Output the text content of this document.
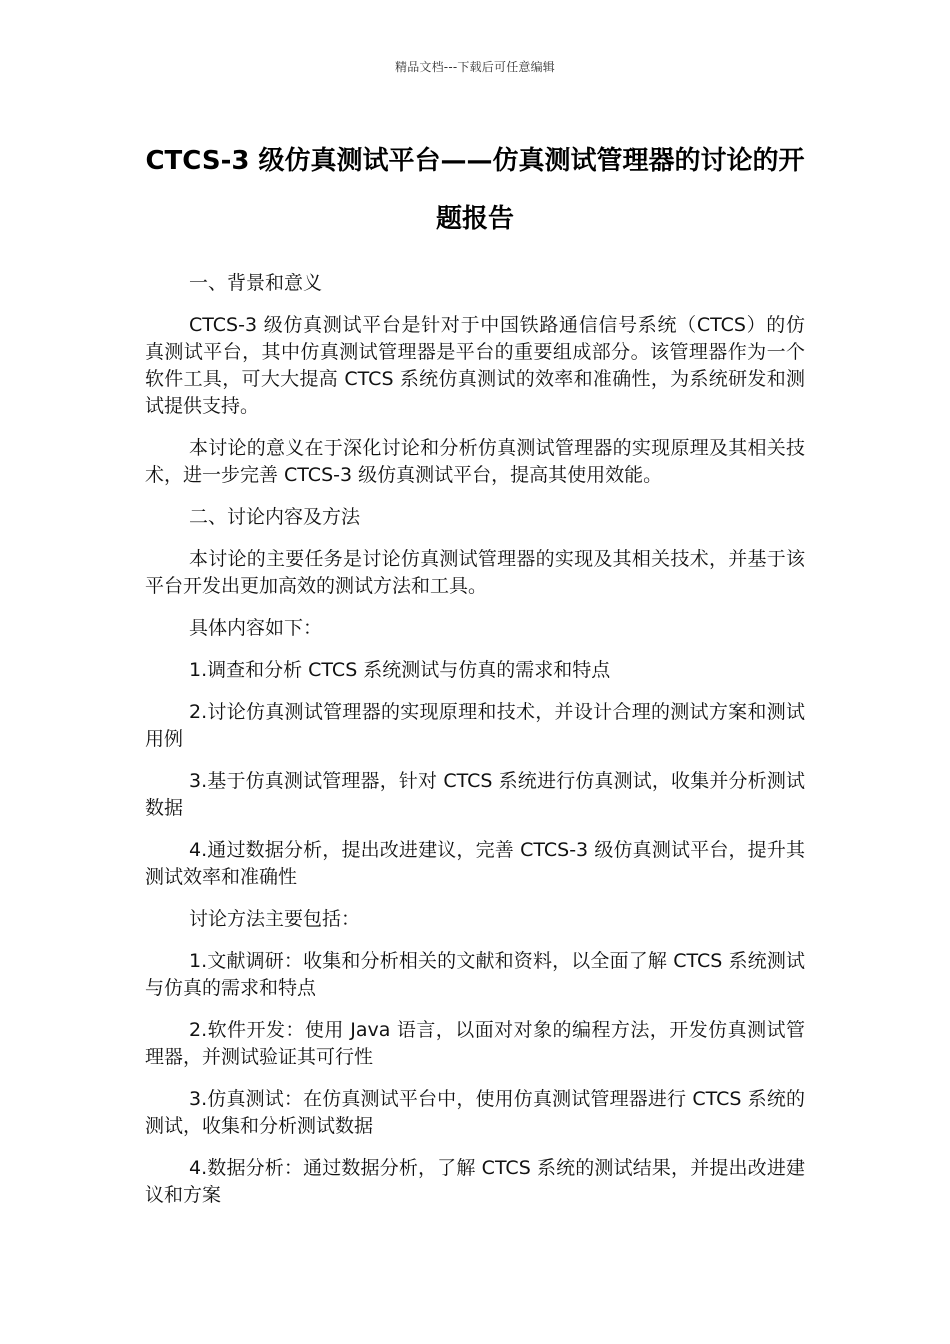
精品文档---下载后可任意编辑
CTCS-3 级仿真测试平台——仿真测试管理器的讨论的开题报告

一、背景和意义

CTCS-3 级仿真测试平台是针对于中国铁路通信信号系统（CTCS）的仿真测试平台，其中仿真测试管理器是平台的重要组成部分。该管理器作为一个软件工具，可大大提高 CTCS 系统仿真测试的效率和准确性，为系统研发和测试提供支持。

本讨论的意义在于深化讨论和分析仿真测试管理器的实现原理及其相关技术，进一步完善 CTCS-3 级仿真测试平台，提高其使用效能。

二、讨论内容及方法

本讨论的主要任务是讨论仿真测试管理器的实现及其相关技术，并基于该平台开发出更加高效的测试方法和工具。

具体内容如下：

1.调查和分析 CTCS 系统测试与仿真的需求和特点

2.讨论仿真测试管理器的实现原理和技术，并设计合理的测试方案和测试用例

3.基于仿真测试管理器，针对 CTCS 系统进行仿真测试，收集并分析测试数据

4.通过数据分析，提出改进建议，完善 CTCS-3 级仿真测试平台，提升其测试效率和准确性

讨论方法主要包括：

1.文献调研：收集和分析相关的文献和资料，以全面了解 CTCS 系统测试与仿真的需求和特点

2.软件开发：使用 Java 语言，以面对对象的编程方法，开发仿真测试管理器，并测试验证其可行性

3.仿真测试：在仿真测试平台中，使用仿真测试管理器进行 CTCS 系统的测试，收集和分析测试数据

4.数据分析：通过数据分析，了解 CTCS 系统的测试结果，并提出改进建议和方案
